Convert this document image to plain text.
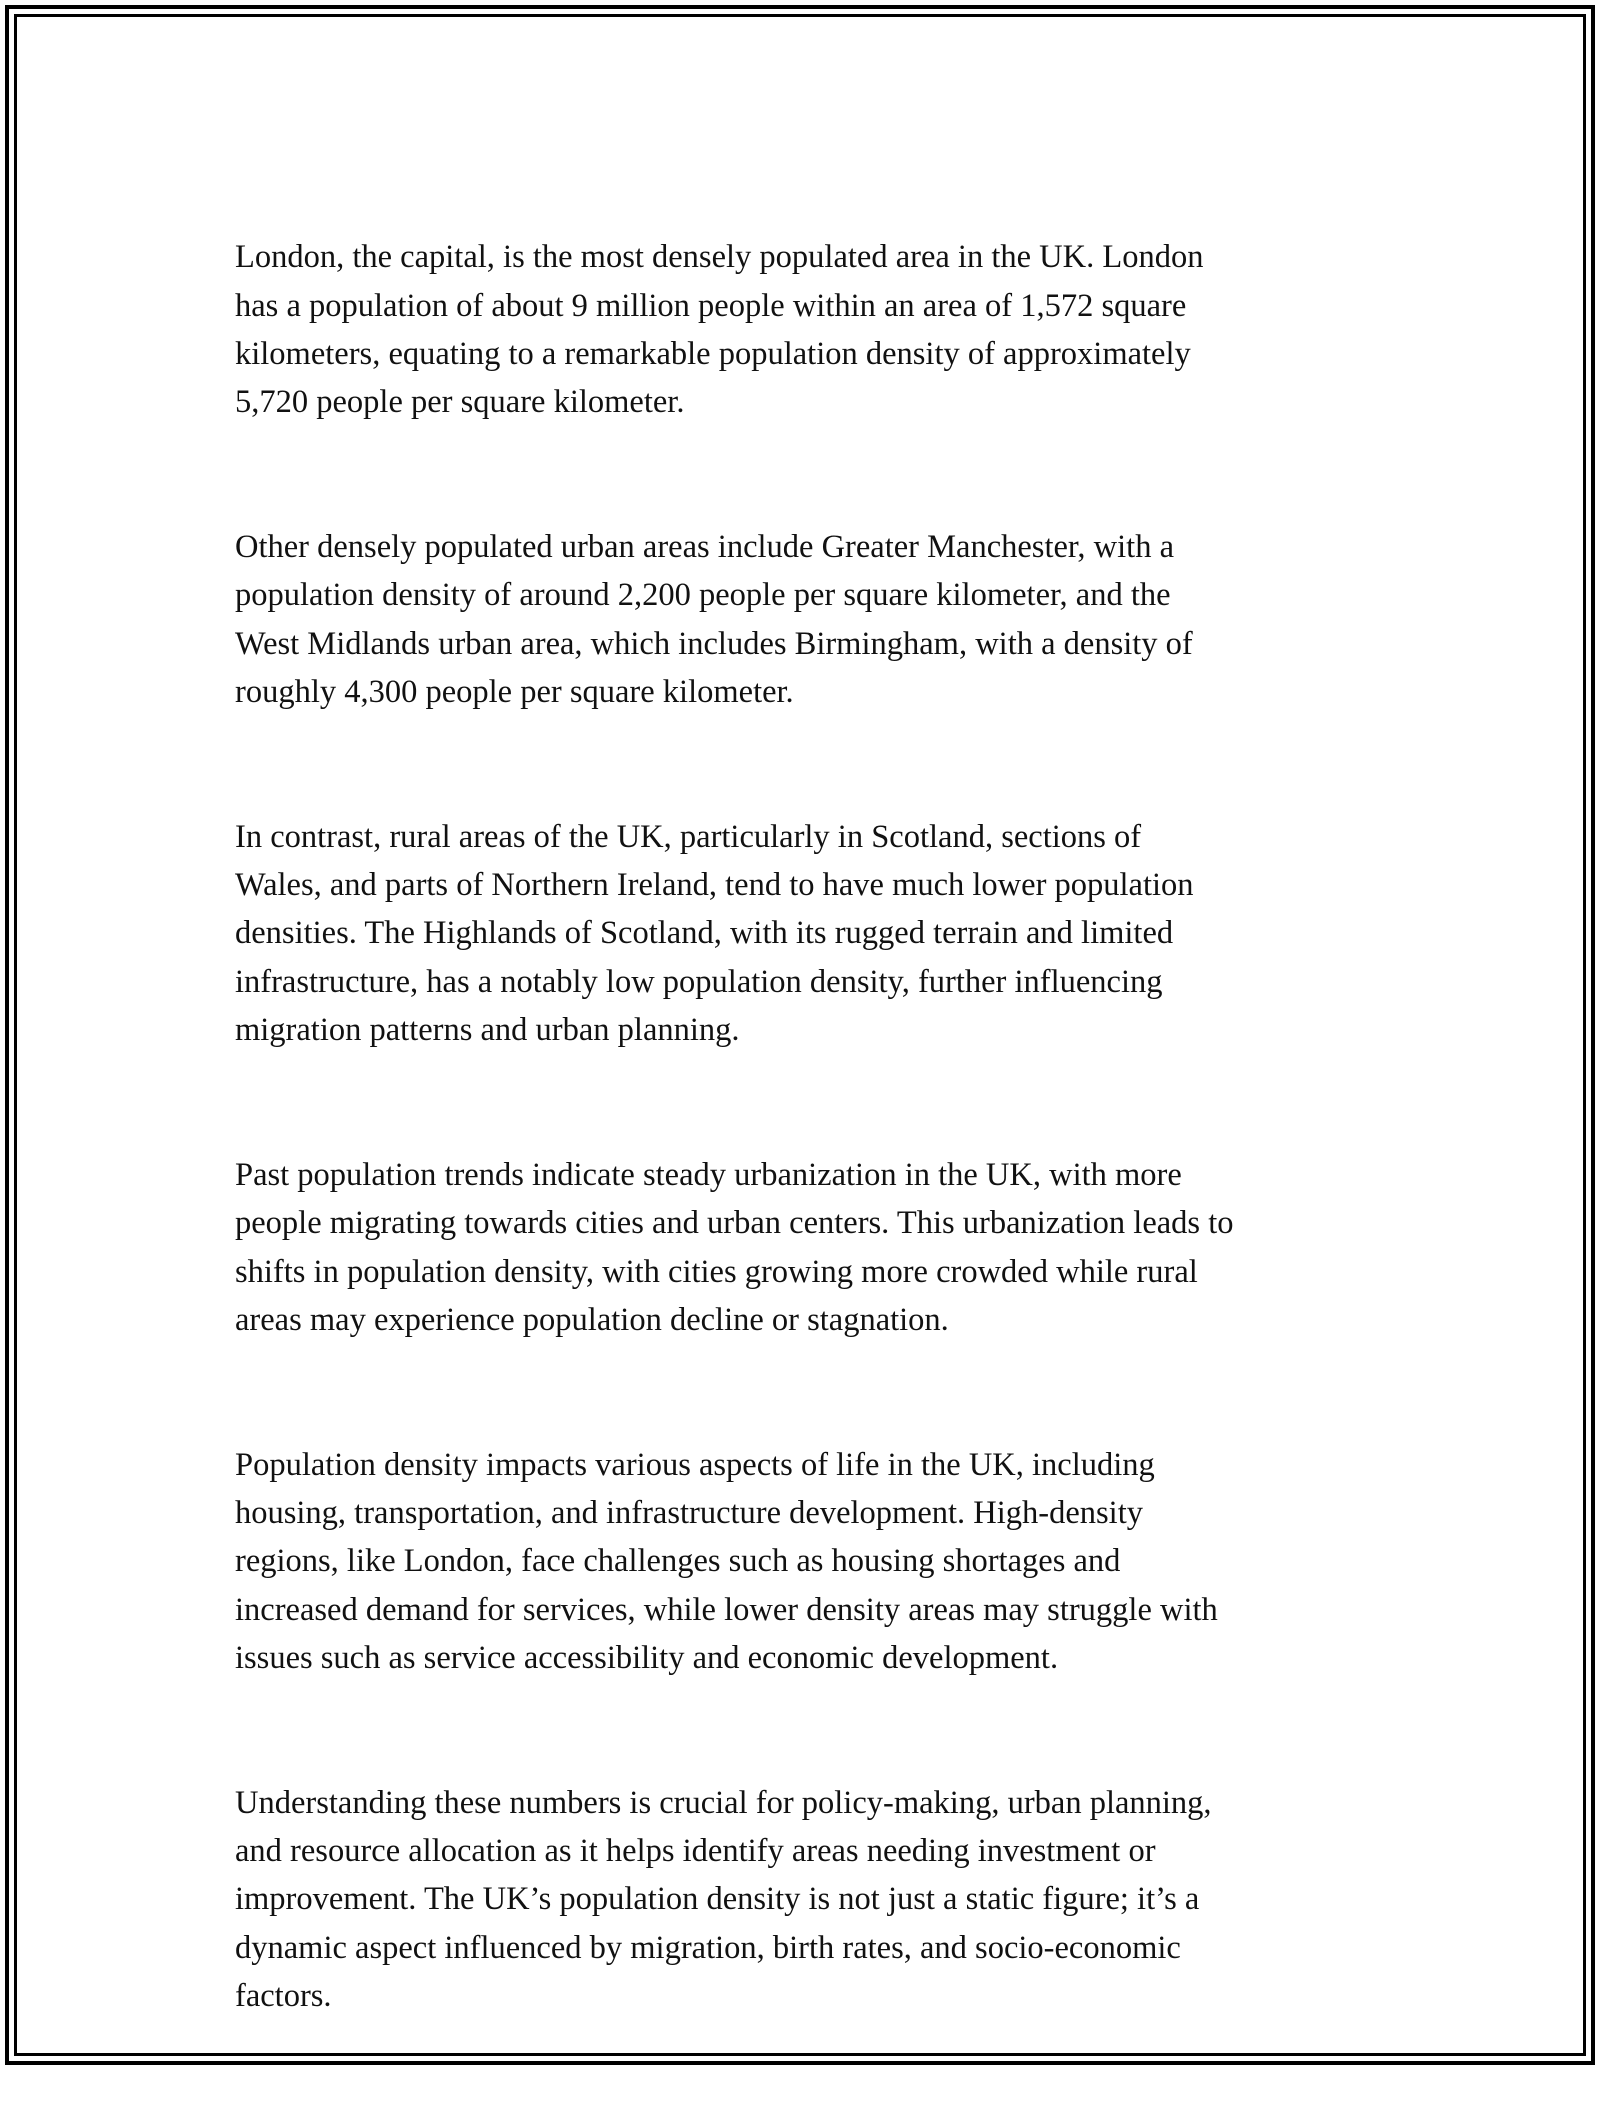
London, the capital, is the most densely populated area in the UK. London
has a population of about 9 million people within an area of 1,572 square
kilometers, equating to a remarkable population density of approximately
5,720 people per square kilometer.

Other densely populated urban areas include Greater Manchester, with a
population density of around 2,200 people per square kilometer, and the
West Midlands urban area, which includes Birmingham, with a density of
roughly 4,300 people per square kilometer.

In contrast, rural areas of the UK, particularly in Scotland, sections of
Wales, and parts of Northern Ireland, tend to have much lower population
densities. The Highlands of Scotland, with its rugged terrain and limited
infrastructure, has a notably low population density, further influencing
migration patterns and urban planning.

Past population trends indicate steady urbanization in the UK, with more
people migrating towards cities and urban centers. This urbanization leads to
shifts in population density, with cities growing more crowded while rural
areas may experience population decline or stagnation.

Population density impacts various aspects of life in the UK, including
housing, transportation, and infrastructure development. High-density
regions, like London, face challenges such as housing shortages and
increased demand for services, while lower density areas may struggle with
issues such as service accessibility and economic development.

Understanding these numbers is crucial for policy-making, urban planning,
and resource allocation as it helps identify areas needing investment or
improvement. The UK’s population density is not just a static figure; it’s a
dynamic aspect influenced by migration, birth rates, and socio-economic
factors.
